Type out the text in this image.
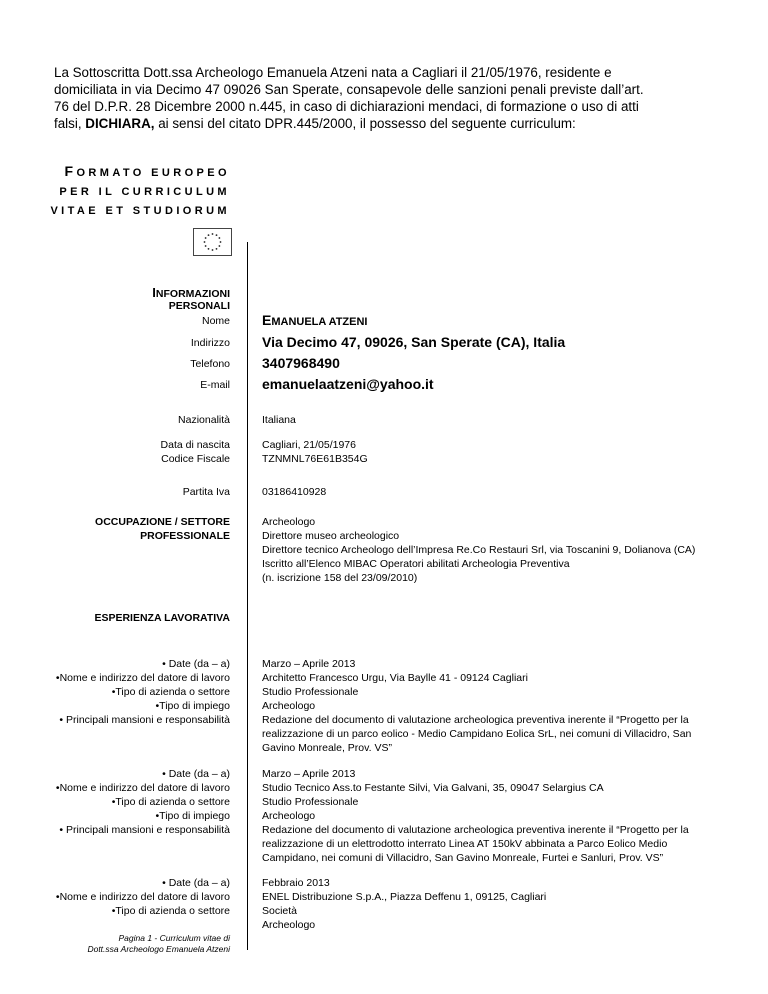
La Sottoscritta Dott.ssa Archeologo Emanuela Atzeni nata a Cagliari il 21/05/1976, residente e domiciliata in via Decimo 47 09026 San Sperate, consapevole delle sanzioni penali previste dall’art. 76 del D.P.R. 28 Dicembre 2000 n.445, in caso di dichiarazioni mendaci, di formazione o uso di atti falsi, DICHIARA, ai sensi del citato DPR.445/2000, il possesso del seguente curriculum:
FORMATO EUROPEO
PER IL CURRICULUM
VITAE ET STUDIORUM
INFORMAZIONI PERSONALI
Nome
Indirizzo
Telefono
E-mail
Nazionalità
Data di nascita
Codice Fiscale
Partita Iva
OCCUPAZIONE / SETTORE
PROFESSIONALE
EMANUELA ATZENI
Via Decimo 47, 09026, San Sperate (CA), Italia
3407968490
emanuelaatzeni@yahoo.it
Italiana
Cagliari, 21/05/1976
TZNMNL76E61B354G
03186410928
Archeologo
Direttore museo archeologico
Direttore tecnico Archeologo dell’Impresa Re.Co Restauri Srl, via Toscanini 9, Dolianova (CA)
Iscritto all’Elenco MIBAC Operatori abilitati Archeologia Preventiva
(n. iscrizione 158 del 23/09/2010)
ESPERIENZA LAVORATIVA
• Date (da – a)
•Nome e indirizzo del datore di lavoro
•Tipo di azienda o settore
•Tipo di impiego
• Principali mansioni e responsabilità
Marzo – Aprile 2013
Architetto Francesco Urgu, Via Baylle 41 - 09124 Cagliari
Studio Professionale
Archeologo
Redazione del documento di valutazione archeologica preventiva inerente il “Progetto per la
realizzazione di un parco eolico - Medio Campidano Eolica SrL, nei comuni di Villacidro, San
Gavino Monreale, Prov. VS”
• Date (da – a)
•Nome e indirizzo del datore di lavoro
•Tipo di azienda o settore
•Tipo di impiego
• Principali mansioni e responsabilità
Marzo – Aprile 2013
Studio Tecnico Ass.to Festante Silvi, Via Galvani, 35, 09047 Selargius CA
Studio Professionale
Archeologo
Redazione del documento di valutazione archeologica preventiva inerente il “Progetto per la
realizzazione di un elettrodotto interrato Linea AT 150kV abbinata a Parco Eolico Medio
Campidano, nei comuni di Villacidro, San Gavino Monreale, Furtei e Sanluri, Prov. VS”
• Date (da – a)
•Nome e indirizzo del datore di lavoro
•Tipo di azienda o settore
Febbraio 2013
ENEL Distribuzione S.p.A., Piazza Deffenu 1, 09125, Cagliari
Società
Archeologo
Pagina 1 - Curriculum vitae di
Dott.ssa Archeologo Emanuela Atzeni
